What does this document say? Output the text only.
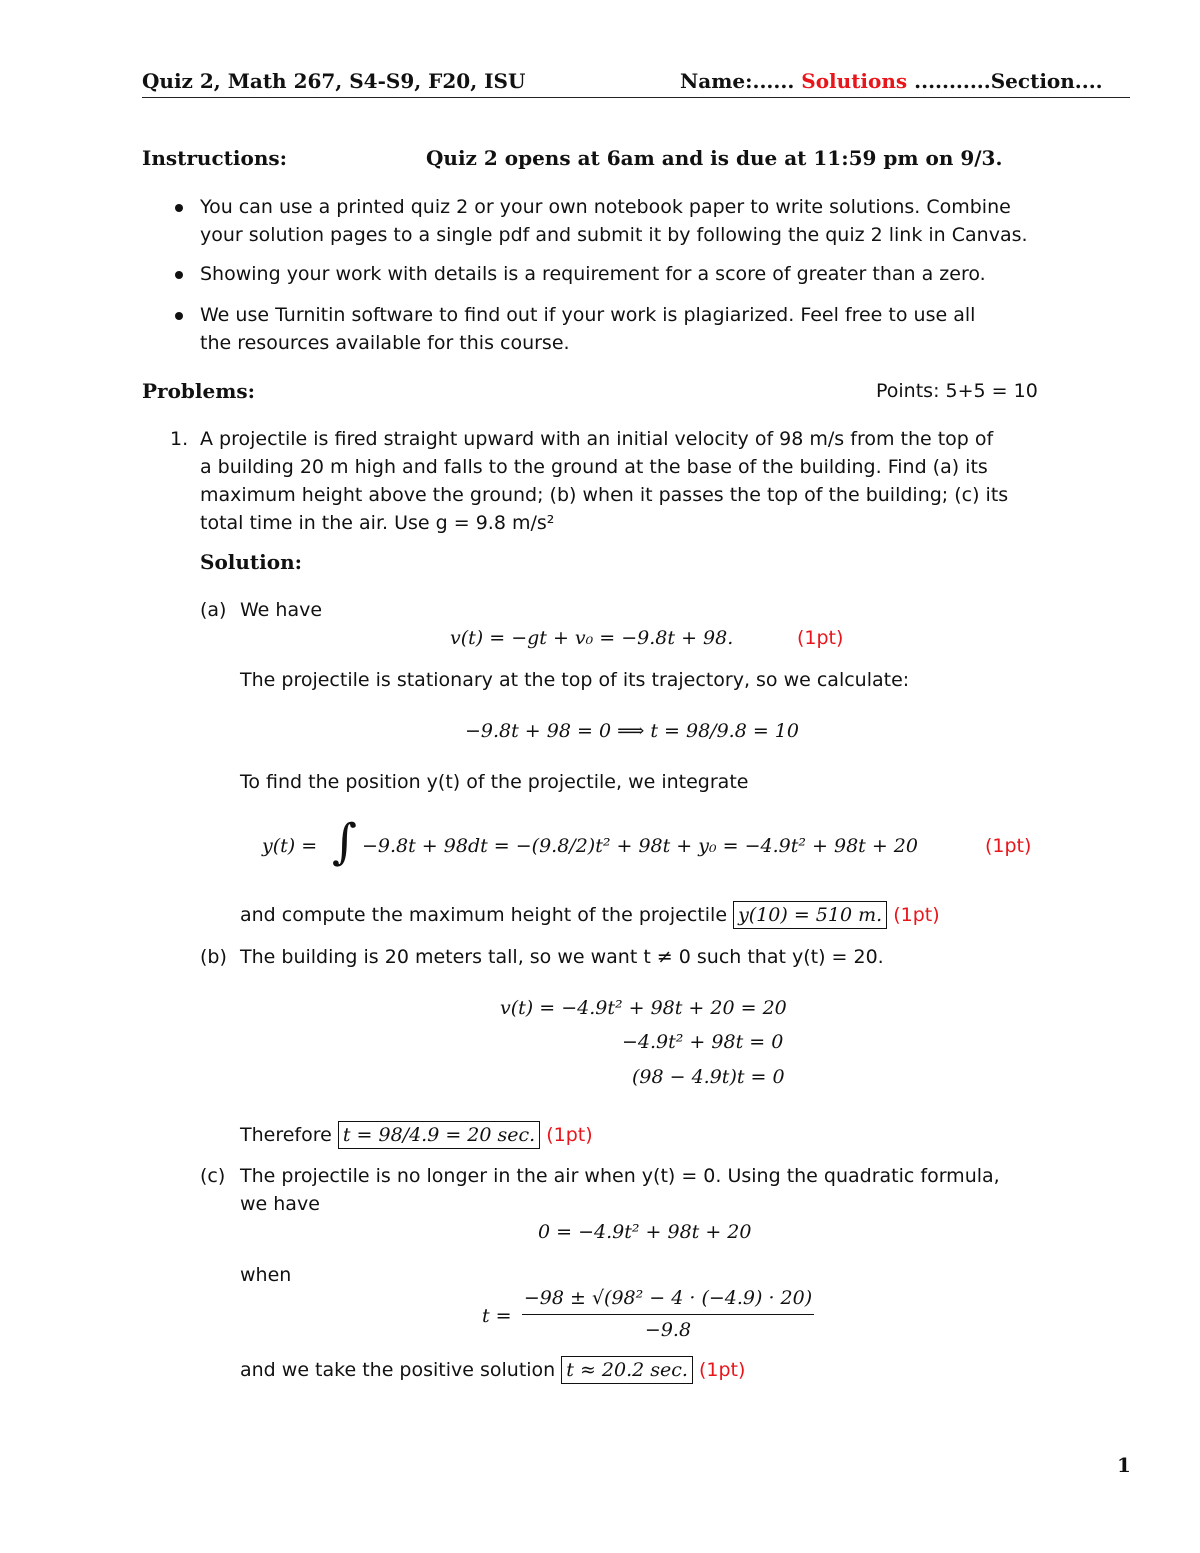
Quiz 2, Math 267, S4-S9, F20, ISU	Name:...... Solutions ...........Section....
Instructions:	Quiz 2 opens at 6am and is due at 11:59 pm on 9/3.
You can use a printed quiz 2 or your own notebook paper to write solutions. Combine
your solution pages to a single pdf and submit it by following the quiz 2 link in Canvas.
Showing your work with details is a requirement for a score of greater than a zero.
We use Turnitin software to find out if your work is plagiarized. Feel free to use all
the resources available for this course.
Problems:	Points: 5+5 = 10
1. A projectile is fired straight upward with an initial velocity of 98 m/s from the top of
a building 20 m high and falls to the ground at the base of the building. Find (a) its
maximum height above the ground; (b) when it passes the top of the building; (c) its
total time in the air. Use g = 9.8 m/s²
Solution:
(a) We have
v(t) = −gt + v₀ = −9.8t + 98.	(1pt)
The projectile is stationary at the top of its trajectory, so we calculate:
−9.8t + 98 = 0 ⟹ t = 98/9.8 = 10
To find the position y(t) of the projectile, we integrate
y(t) = ∫ −9.8t + 98dt = −(9.8/2)t² + 98t + y₀ = −4.9t² + 98t + 20	(1pt)
and compute the maximum height of the projectile y(10) = 510 m. (1pt)
(b) The building is 20 meters tall, so we want t ≠ 0 such that y(t) = 20.
v(t) = −4.9t² + 98t + 20 = 20
−4.9t² + 98t = 0
(98 − 4.9t)t = 0
Therefore t = 98/4.9 = 20 sec. (1pt)
(c) The projectile is no longer in the air when y(t) = 0. Using the quadratic formula,
we have
0 = −4.9t² + 98t + 20
when
t =
−98 ± √(98² − 4 · (−4.9) · 20)
−9.8
and we take the positive solution t ≈ 20.2 sec. (1pt)
1
